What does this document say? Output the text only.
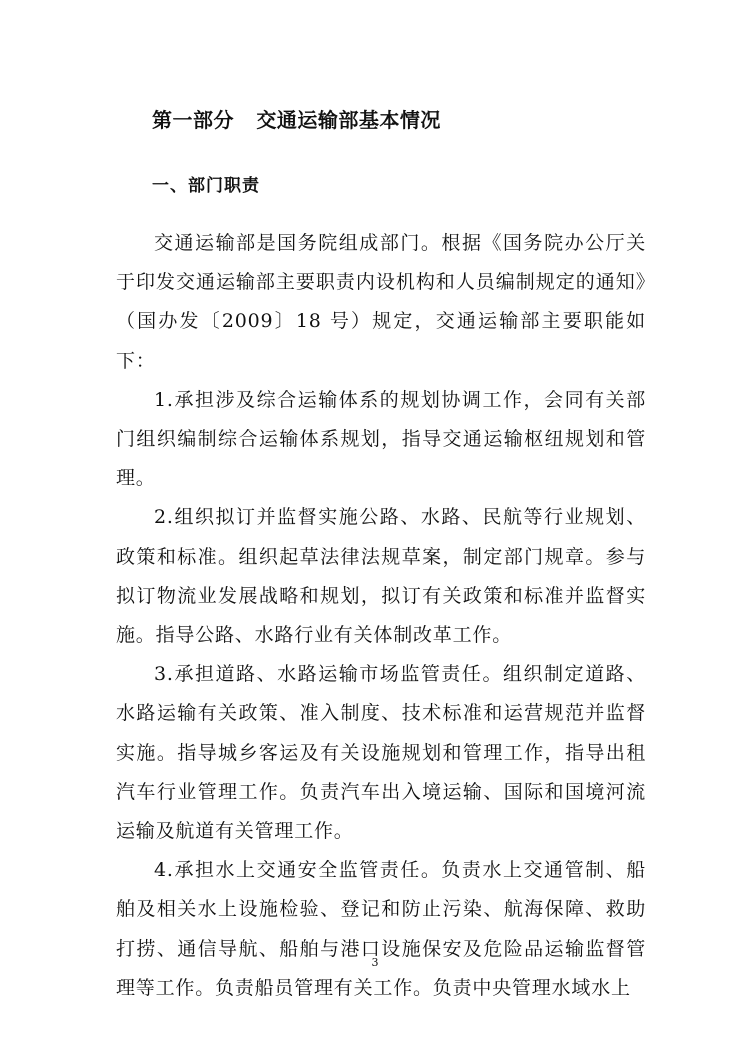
第一部分   交通运输部基本情况
一、部门职责

交通运输部是国务院组成部门。根据《国务院办公厅关于印发交通运输部主要职责内设机构和人员编制规定的通知》（国办发〔2009〕18 号）规定，交通运输部主要职能如下：

1.承担涉及综合运输体系的规划协调工作，会同有关部门组织编制综合运输体系规划，指导交通运输枢纽规划和管理。

2.组织拟订并监督实施公路、水路、民航等行业规划、政策和标准。组织起草法律法规草案，制定部门规章。参与拟订物流业发展战略和规划，拟订有关政策和标准并监督实施。指导公路、水路行业有关体制改革工作。

3.承担道路、水路运输市场监管责任。组织制定道路、水路运输有关政策、准入制度、技术标准和运营规范并监督实施。指导城乡客运及有关设施规划和管理工作，指导出租汽车行业管理工作。负责汽车出入境运输、国际和国境河流运输及航道有关管理工作。

4.承担水上交通安全监管责任。负责水上交通管制、船舶及相关水上设施检验、登记和防止污染、航海保障、救助打捞、通信导航、船舶与港口设施保安及危险品运输监督管理等工作。负责船员管理有关工作。负责中央管理水域水上

3
